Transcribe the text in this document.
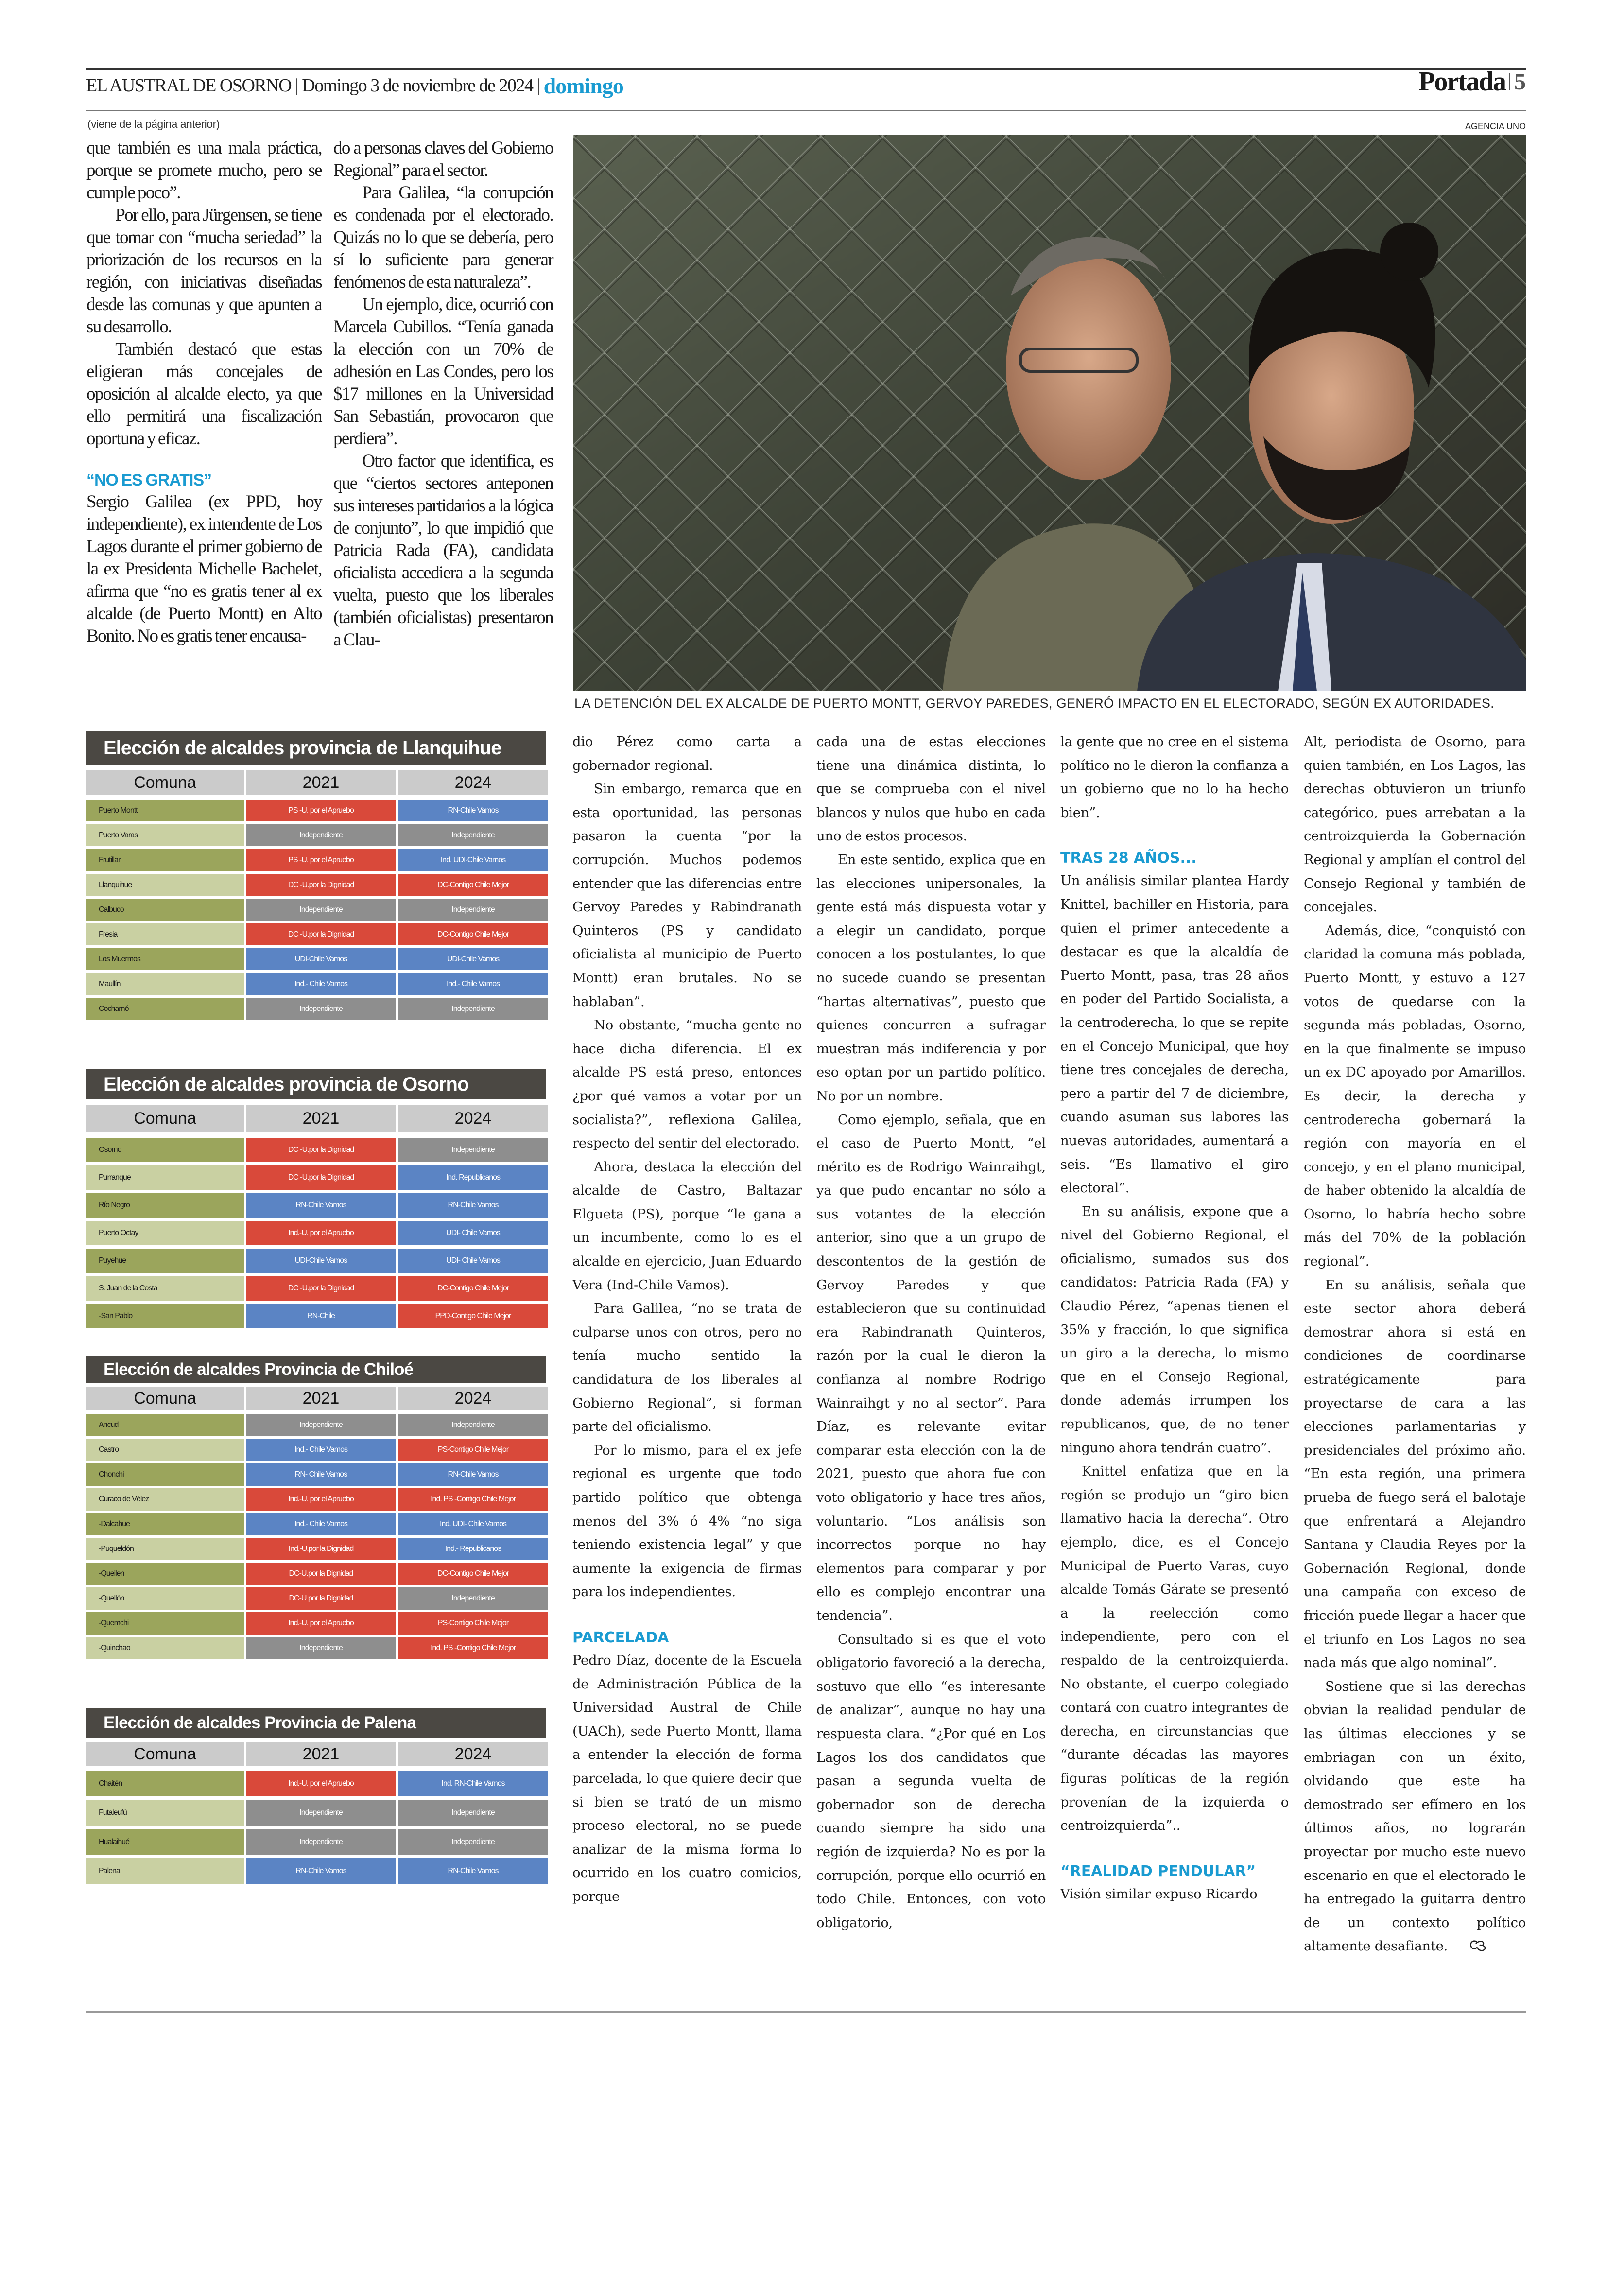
EL AUSTRAL DE OSORNO | Domingo 3 de noviembre de 2024 | domingo	Portada 5
(viene de la página anterior)	AGENCIA UNO
LA DETENCIÓN DEL EX ALCALDE DE PUERTO MONTT, GERVOY PAREDES, GENERÓ IMPACTO EN EL ELECTORADO, SEGÚN EX AUTORIDADES.

que también es una mala práctica, porque se promete mucho, pero se cumple poco”.

Por ello, para Jürgensen, se tiene que tomar con “mucha seriedad” la priorización de los recursos en la región, con iniciativas diseñadas desde las comunas y que apunten a su desarrollo.

También destacó que estas eligieran más concejales de oposición al alcalde electo, ya que ello permitirá una fiscalización oportuna y eficaz.

“NO ES GRATIS”

Sergio Galilea (ex PPD, hoy independiente), ex intendente de Los Lagos durante el primer gobierno de la ex Presidenta Michelle Bachelet, afirma que “no es gratis tener al ex alcalde (de Puerto Montt) en Alto Bonito. No es gratis tener encausa-

do a personas claves del Gobierno Regional” para el sector.

Para Galilea, “la corrupción es condenada por el electorado. Quizás no lo que se debería, pero sí lo suficiente para generar fenómenos de esta naturaleza”.

Un ejemplo, dice, ocurrió con Marcela Cubillos. “Tenía ganada la elección con un 70% de adhesión en Las Condes, pero los $17 millones en la Universidad San Sebastián, provocaron que perdiera”.

Otro factor que identifica, es que “ciertos sectores anteponen sus intereses partidarios a la lógica de conjunto”, lo que impidió que Patricia Rada (FA), candidata oficialista accediera a la segunda vuelta, puesto que los liberales (también oficialistas) presentaron a Clau-

dio Pérez como carta a gobernador regional.

Sin embargo, remarca que en esta oportunidad, las personas pasaron la cuenta “por la corrupción. Muchos podemos entender que las diferencias entre Gervoy Paredes y Rabindranath Quinteros (PS y candidato oficialista al municipio de Puerto Montt) eran brutales. No se hablaban”.

No obstante, “mucha gente no hace dicha diferencia. El ex alcalde PS está preso, entonces ¿por qué vamos a votar por un socialista?”, reflexiona Galilea, respecto del sentir del electorado.

Ahora, destaca la elección del alcalde de Castro, Baltazar Elgueta (PS), porque “le gana a un incumbente, como lo es el alcalde en ejercicio, Juan Eduardo Vera (Ind-Chile Vamos).

Para Galilea, “no se trata de culparse unos con otros, pero no tenía mucho sentido la candidatura de los liberales al Gobierno Regional”, si forman parte del oficialismo.

Por lo mismo, para el ex jefe regional es urgente que todo partido político que obtenga menos del 3% ó 4% “no siga teniendo existencia legal” y que aumente la exigencia de firmas para los independientes.

PARCELADA

Pedro Díaz, docente de la Escuela de Administración Pública de la Universidad Austral de Chile (UACh), sede Puerto Montt, llama a entender la elección de forma parcelada, lo que quiere decir que si bien se trató de un mismo proceso electoral, no se puede analizar de la misma forma lo ocurrido en los cuatro comicios, porque

cada una de estas elecciones tiene una dinámica distinta, lo que se comprueba con el nivel blancos y nulos que hubo en cada uno de estos procesos.

En este sentido, explica que en las elecciones unipersonales, la gente está más dispuesta votar y a elegir un candidato, porque conocen a los postulantes, lo que no sucede cuando se presentan “hartas alternativas”, puesto que quienes concurren a sufragar muestran más indiferencia y por eso optan por un partido político. No por un nombre.

Como ejemplo, señala, que en el caso de Puerto Montt, “el mérito es de Rodrigo Wainraihgt, ya que pudo encantar no sólo a sus votantes de la elección anterior, sino que a un grupo de descontentos de la gestión de Gervoy Paredes y que establecieron que su continuidad era Rabindranath Quinteros, razón por la cual le dieron la confianza al nombre Rodrigo Wainraihgt y no al sector”. Para Díaz, es relevante evitar comparar esta elección con la de 2021, puesto que ahora fue con voto obligatorio y hace tres años, voluntario. “Los análisis son incorrectos porque no hay elementos para comparar y por ello es complejo encontrar una tendencia”.

Consultado si es que el voto obligatorio favoreció a la derecha, sostuvo que ello “es interesante de analizar”, aunque no hay una respuesta clara. “¿Por qué en Los Lagos los dos candidatos que pasan a segunda vuelta de gobernador son de derecha cuando siempre ha sido una región de izquierda? No es por la corrupción, porque ello ocurrió en todo Chile. Entonces, con voto obligatorio,

la gente que no cree en el sistema político no le dieron la confianza a un gobierno que no lo ha hecho bien”.

TRAS 28 AÑOS...

Un análisis similar plantea Hardy Knittel, bachiller en Historia, para quien el primer antecedente a destacar es que la alcaldía de Puerto Montt, pasa, tras 28 años en poder del Partido Socialista, a la centroderecha, lo que se repite en el Concejo Municipal, que hoy tiene tres concejales de derecha, pero a partir del 7 de diciembre, cuando asuman sus labores las nuevas autoridades, aumentará a seis. “Es llamativo el giro electoral”.

En su análisis, expone que a nivel del Gobierno Regional, el oficialismo, sumados sus dos candidatos: Patricia Rada (FA) y Claudio Pérez, “apenas tienen el 35% y fracción, lo que significa un giro a la derecha, lo mismo que en el Consejo Regional, donde además irrumpen los republicanos, que, de no tener ninguno ahora tendrán cuatro”.

Knittel enfatiza que en la región se produjo un “giro bien llamativo hacia la derecha”. Otro ejemplo, dice, es el Concejo Municipal de Puerto Varas, cuyo alcalde Tomás Gárate se presentó a la reelección como independiente, pero con el respaldo de la centroizquierda. No obstante, el cuerpo colegiado contará con cuatro integrantes de derecha, en circunstancias que “durante décadas las mayores figuras políticas de la región provenían de la izquierda o centroizquierda”..

“REALIDAD PENDULAR”

Visión similar expuso Ricardo

Alt, periodista de Osorno, para quien también, en Los Lagos, las derechas obtuvieron un triunfo categórico, pues arrebatan a la centroizquierda la Gobernación Regional y amplían el control del Consejo Regional y también de concejales.

Además, dice, “conquistó con claridad la comuna más poblada, Puerto Montt, y estuvo a 127 votos de quedarse con la segunda más pobladas, Osorno, en la que finalmente se impuso un ex DC apoyado por Amarillos. Es decir, la derecha y centroderecha gobernará la región con mayoría en el concejo, y en el plano municipal, de haber obtenido la alcaldía de Osorno, lo habría hecho sobre más del 70% de la población regional”.

En su análisis, señala que este sector ahora deberá demostrar ahora si está en condiciones de coordinarse estratégicamente para proyectarse de cara a las elecciones parlamentarias y presidenciales del próximo año. “En esta región, una primera prueba de fuego será el balotaje que enfrentará a Alejandro Santana y Claudia Reyes por la Gobernación Regional, donde una campaña con exceso de fricción puede llegar a hacer que el triunfo en Los Lagos no sea nada más que algo nominal”.

Sostiene que si las derechas obvian la realidad pendular de las últimas elecciones y se embriagan con un éxito, olvidando que este ha demostrado ser efímero en los últimos años, no lograrán proyectar por mucho este nuevo escenario en que el electorado le ha entregado la guitarra dentro de un contexto político altamente desafiante.

Elección de alcaldes provincia de Llanquihue
Comuna	2021	2024
Puerto Montt	PS -U. por el Apruebo	RN-Chile Vamos
Puerto Varas	Independiente	Independiente
Frutillar	PS -U. por el Apruebo	Ind. UDI-Chile Vamos
Llanquihue	DC -U.por la Dignidad	DC-Contigo Chile Mejor
Calbuco	Independiente	Independiente
Fresia	DC -U.por la Dignidad	DC-Contigo Chile Mejor
Los Muermos	UDI-Chile Vamos	UDI-Chile Vamos
Maullín	Ind.- Chile Vamos	Ind.- Chile Vamos
Cochamó	Independiente	Independiente
Elección de alcaldes provincia de Osorno
Comuna	2021	2024
Osorno	DC -U.por la Dignidad	Independiente
Purranque	DC -U.por la Dignidad	Ind. Republicanos
Río Negro	RN-Chile Vamos	RN-Chile Vamos
Puerto Octay	Ind.-U. por el Apruebo	UDI- Chile Vamos
Puyehue	UDI-Chile Vamos	UDI- Chile Vamos
S. Juan de la Costa	DC -U.por la Dignidad	DC-Contigo Chile Mejor
-San Pablo	RN-Chile	PPD-Contigo Chile Mejor
Elección de alcaldes Provincia de Chiloé
Comuna	2021	2024
Ancud	Independiente	Independiente
Castro	Ind.- Chile Vamos	PS-Contigo Chile Mejor
Chonchi	RN- Chile Vamos	RN-Chile Vamos
Curaco de Vélez	Ind.-U. por el Apruebo	Ind. PS -Contigo Chile Mejor
-Dalcahue	Ind.- Chile Vamos	Ind. UDI- Chile Vamos
-Puqueldón	Ind.-U.por la Dignidad	Ind.- Republicanos
-Queilen	DC-U.por la Dignidad	DC-Contigo Chile Mejor
-Quellón	DC-U.por la Dignidad	Independiente
-Quemchi	Ind.-U. por el Apruebo	PS-Contigo Chile Mejor
-Quinchao	Independiente	Ind. PS -Contigo Chile Mejor
Elección de alcaldes Provincia de Palena
Comuna	2021	2024
Chaitén	Ind.-U. por el Apruebo	Ind. RN-Chile Vamos
Futaleufú	Independiente	Independiente
Hualaihué	Independiente	Independiente
Palena	RN-Chile Vamos	RN-Chile Vamos
